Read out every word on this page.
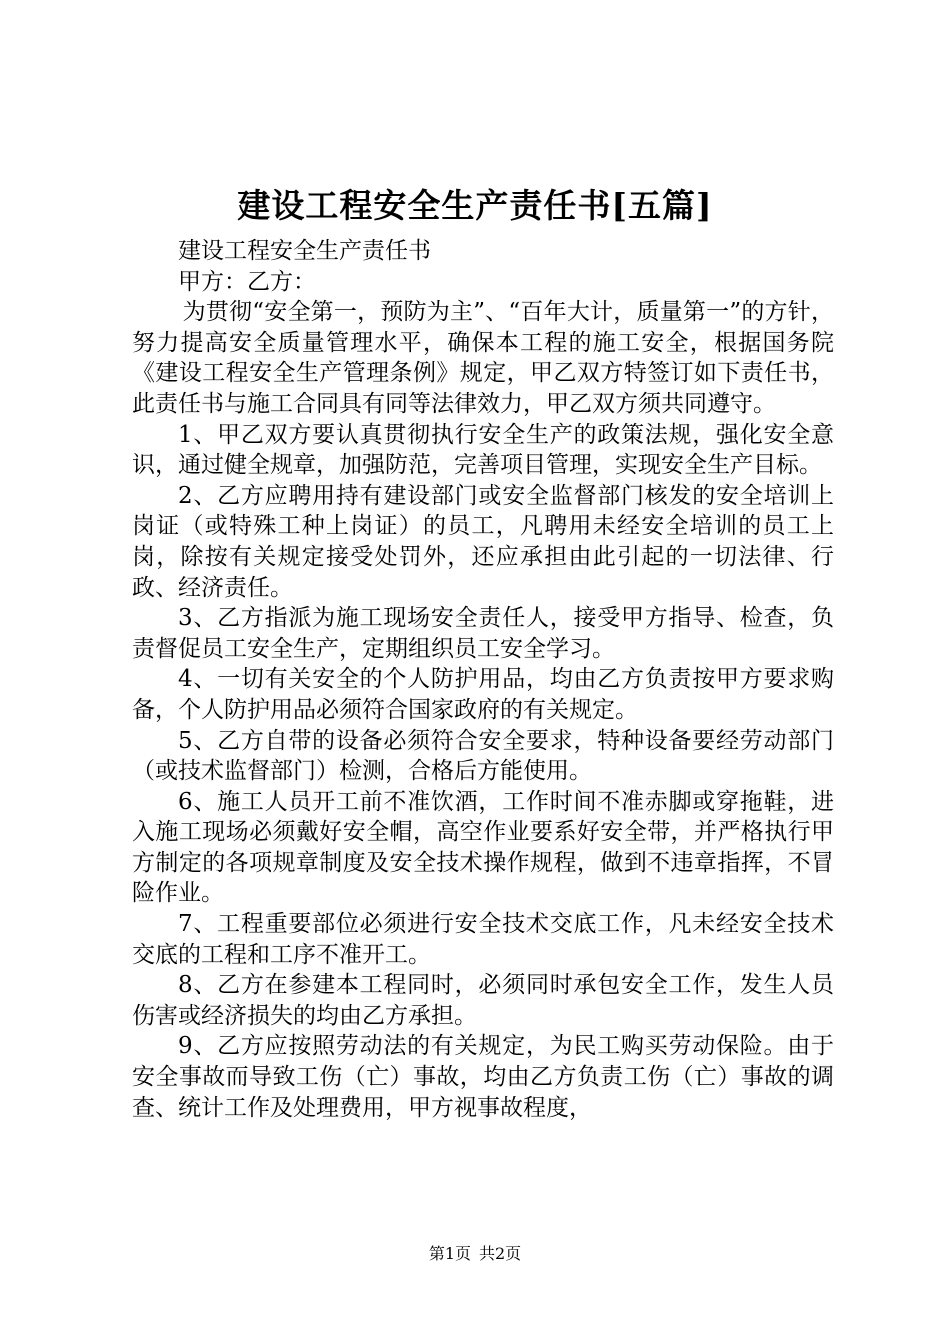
建设工程安全生产责任书[五篇]

建设工程安全生产责任书

甲方：乙方：

为贯彻“安全第一，预防为主”、“百年大计，质量第一”的方针，努力提高安全质量管理水平，确保本工程的施工安全，根据国务院《建设工程安全生产管理条例》规定，甲乙双方特签订如下责任书，此责任书与施工合同具有同等法律效力，甲乙双方须共同遵守。

1、甲乙双方要认真贯彻执行安全生产的政策法规，强化安全意识，通过健全规章，加强防范，完善项目管理，实现安全生产目标。

2、乙方应聘用持有建设部门或安全监督部门核发的安全培训上岗证（或特殊工种上岗证）的员工，凡聘用未经安全培训的员工上岗，除按有关规定接受处罚外，还应承担由此引起的一切法律、行政、经济责任。

3、乙方指派为施工现场安全责任人，接受甲方指导、检查，负责督促员工安全生产，定期组织员工安全学习。

4、一切有关安全的个人防护用品，均由乙方负责按甲方要求购备，个人防护用品必须符合国家政府的有关规定。

5、乙方自带的设备必须符合安全要求，特种设备要经劳动部门（或技术监督部门）检测，合格后方能使用。

6、施工人员开工前不准饮酒，工作时间不准赤脚或穿拖鞋，进入施工现场必须戴好安全帽，高空作业要系好安全带，并严格执行甲方制定的各项规章制度及安全技术操作规程，做到不违章指挥，不冒险作业。

7、工程重要部位必须进行安全技术交底工作，凡未经安全技术交底的工程和工序不准开工。

8、乙方在参建本工程同时，必须同时承包安全工作，发生人员伤害或经济损失的均由乙方承担。

9、乙方应按照劳动法的有关规定，为民工购买劳动保险。由于安全事故而导致工伤（亡）事故，均由乙方负责工伤（亡）事故的调查、统计工作及处理费用，甲方视事故程度，

第1页 共2页
